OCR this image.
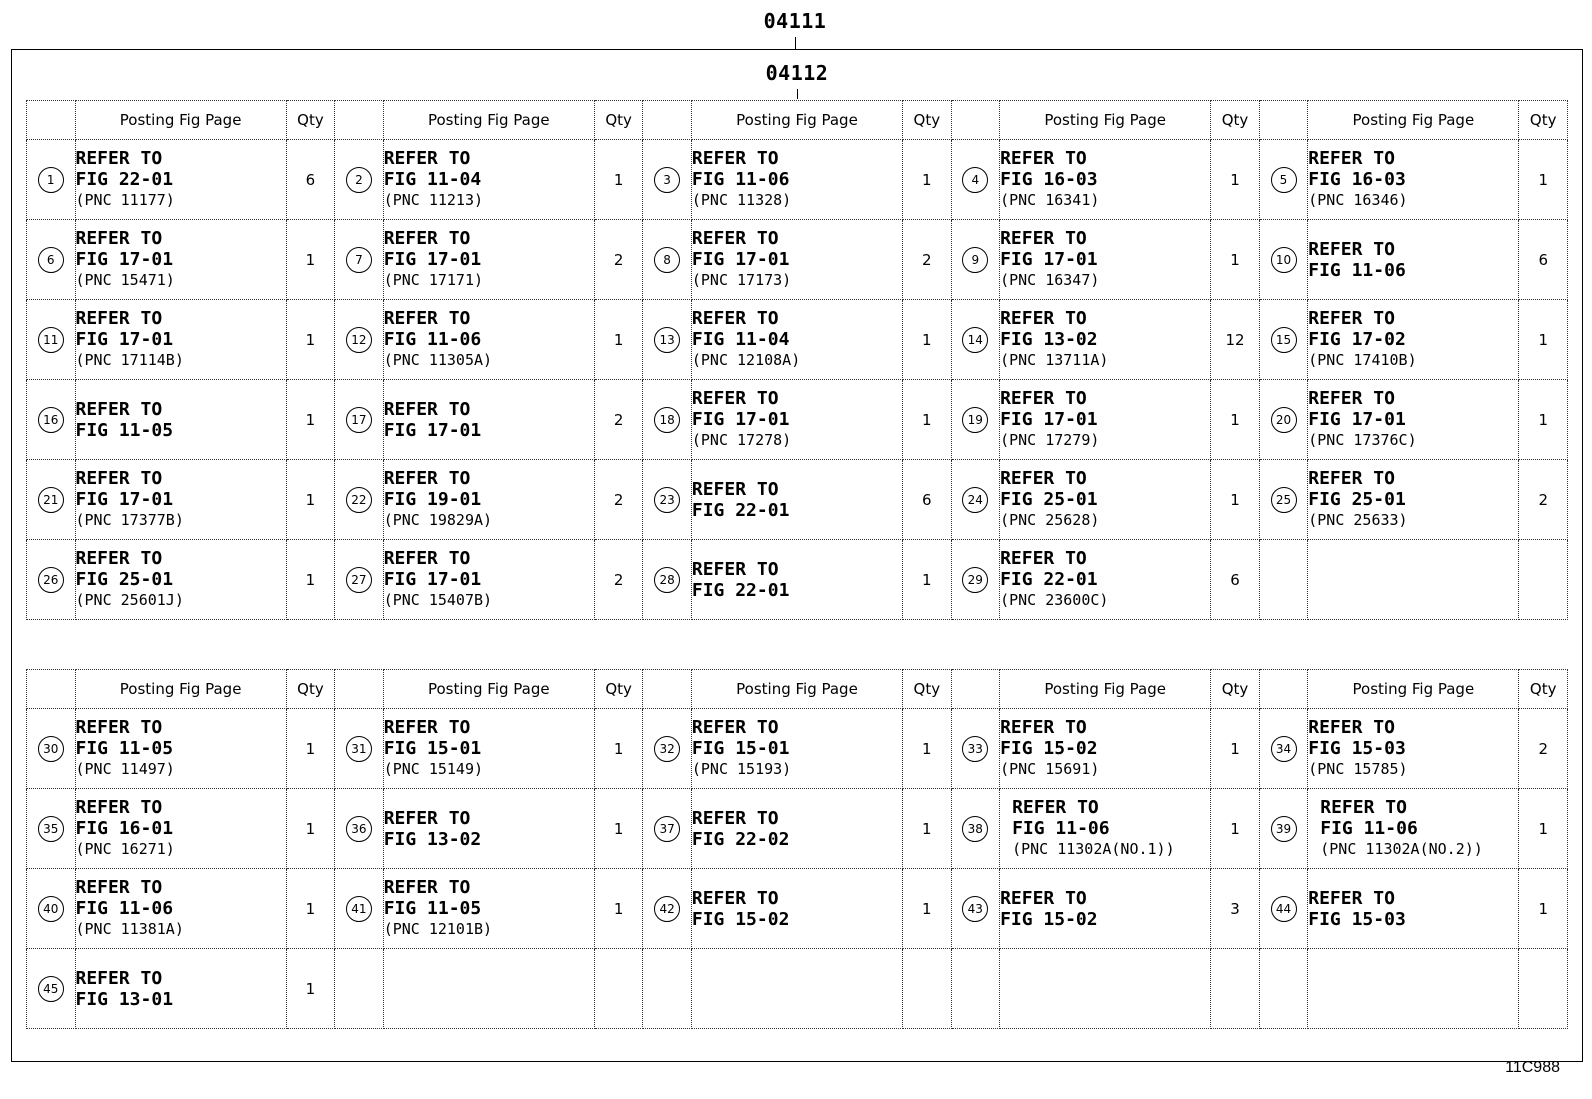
04111
04112
	Posting Fig Page	Qty		Posting Fig Page	Qty		Posting Fig Page	Qty		Posting Fig Page	Qty		Posting Fig Page	Qty
1	REFER TO
FIG 22-01
(PNC 11177)	6	2	REFER TO
FIG 11-04
(PNC 11213)	1	3	REFER TO
FIG 11-06
(PNC 11328)	1	4	REFER TO
FIG 16-03
(PNC 16341)	1	5	REFER TO
FIG 16-03
(PNC 16346)	1
6	REFER TO
FIG 17-01
(PNC 15471)	1	7	REFER TO
FIG 17-01
(PNC 17171)	2	8	REFER TO
FIG 17-01
(PNC 17173)	2	9	REFER TO
FIG 17-01
(PNC 16347)	1	10	REFER TO
FIG 11-06	6
11	REFER TO
FIG 17-01
(PNC 17114B)	1	12	REFER TO
FIG 11-06
(PNC 11305A)	1	13	REFER TO
FIG 11-04
(PNC 12108A)	1	14	REFER TO
FIG 13-02
(PNC 13711A)	12	15	REFER TO
FIG 17-02
(PNC 17410B)	1
16	REFER TO
FIG 11-05	1	17	REFER TO
FIG 17-01	2	18	REFER TO
FIG 17-01
(PNC 17278)	1	19	REFER TO
FIG 17-01
(PNC 17279)	1	20	REFER TO
FIG 17-01
(PNC 17376C)	1
21	REFER TO
FIG 17-01
(PNC 17377B)	1	22	REFER TO
FIG 19-01
(PNC 19829A)	2	23	REFER TO
FIG 22-01	6	24	REFER TO
FIG 25-01
(PNC 25628)	1	25	REFER TO
FIG 25-01
(PNC 25633)	2
26	REFER TO
FIG 25-01
(PNC 25601J)	1	27	REFER TO
FIG 17-01
(PNC 15407B)	2	28	REFER TO
FIG 22-01	1	29	REFER TO
FIG 22-01
(PNC 23600C)	6			
	Posting Fig Page	Qty		Posting Fig Page	Qty		Posting Fig Page	Qty		Posting Fig Page	Qty		Posting Fig Page	Qty
30	REFER TO
FIG 11-05
(PNC 11497)	1	31	REFER TO
FIG 15-01
(PNC 15149)	1	32	REFER TO
FIG 15-01
(PNC 15193)	1	33	REFER TO
FIG 15-02
(PNC 15691)	1	34	REFER TO
FIG 15-03
(PNC 15785)	2
35	REFER TO
FIG 16-01
(PNC 16271)	1	36	REFER TO
FIG 13-02	1	37	REFER TO
FIG 22-02	1	38	REFER TO
FIG 11-06
(PNC 11302A(NO.1))	1	39	REFER TO
FIG 11-06
(PNC 11302A(NO.2))	1
40	REFER TO
FIG 11-06
(PNC 11381A)	1	41	REFER TO
FIG 11-05
(PNC 12101B)	1	42	REFER TO
FIG 15-02	1	43	REFER TO
FIG 15-02	3	44	REFER TO
FIG 15-03	1
45	REFER TO
FIG 13-01	1												
11C988
